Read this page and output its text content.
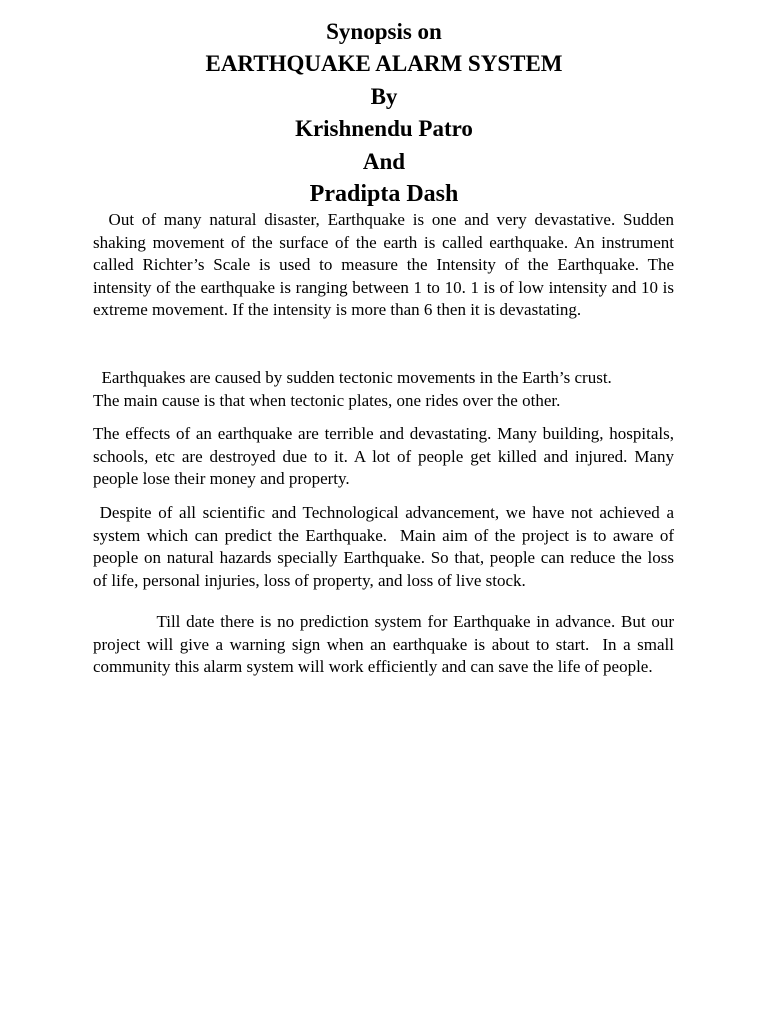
Synopsis on
EARTHQUAKE ALARM SYSTEM
By
Krishnendu Patro
And
Pradipta Dash

Out of many natural disaster, Earthquake is one and very devastative. Sudden shaking movement of the surface of the earth is called earthquake. An instrument called Richter’s Scale is used to measure the Intensity of the Earthquake. The intensity of the earthquake is ranging between 1 to 10. 1 is of low intensity and 10 is extreme movement. If the intensity is more than 6 then it is devastating.

Earthquakes are caused by sudden tectonic movements in the Earth’s crust.
The main cause is that when tectonic plates, one rides over the other.

The effects of an earthquake are terrible and devastating. Many building, hospitals, schools, etc are destroyed due to it. A lot of people get killed and injured. Many people lose their money and property.

Despite of all scientific and Technological advancement, we have not achieved a system which can predict the Earthquake.  Main aim of the project is to aware of people on natural hazards specially Earthquake. So that, people can reduce the loss of life, personal injuries, loss of property, and loss of live stock.

Till date there is no prediction system for Earthquake in advance. But our project will give a warning sign when an earthquake is about to start.  In a small community this alarm system will work efficiently and can save the life of people.
